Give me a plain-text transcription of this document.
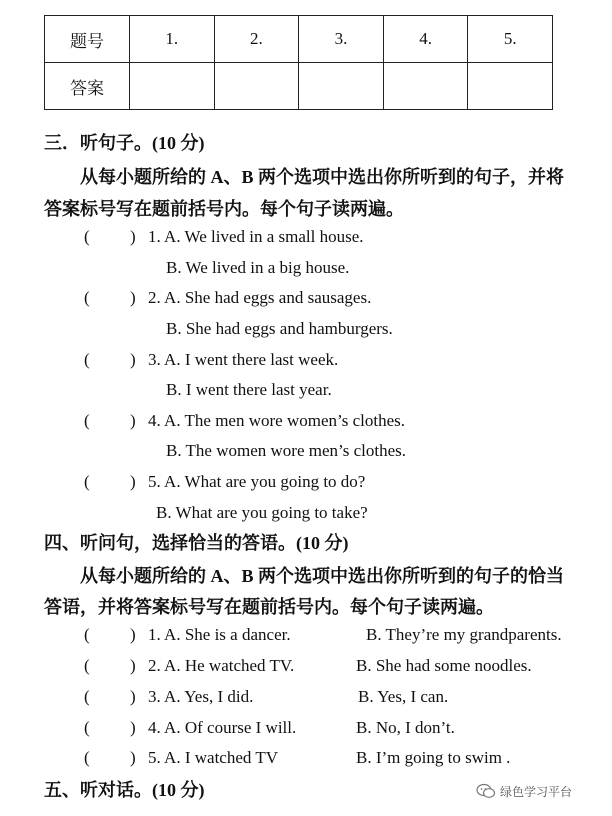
题号	1.	2.	3.	4.	5.
答案					
三．听句子。(10 分)
从每小题所给的 A、B 两个选项中选出你所听到的句子，并将
答案标号写在题前括号内。每个句子读两遍。
( ) 1. A. We lived in a small house.
B. We lived in a big house.
( ) 2. A. She had eggs and sausages.
B. She had eggs and hamburgers.
( ) 3. A. I went there last week.
B. I went there last year.
( ) 4. A. The men wore women’s clothes.
B. The women wore men’s clothes.
( ) 5. A. What are you going to do?
B. What are you going to take?
四、听问句，选择恰当的答语。(10 分)
从每小题所给的 A、B 两个选项中选出你所听到的句子的恰当
答语，并将答案标号写在题前括号内。每个句子读两遍。
( ) 1. A. She is a dancer.	B. They’re my grandparents.
( ) 2. A. He watched TV.	B. She had some noodles.
( ) 3. A. Yes, I did.	B. Yes, I can.
( ) 4. A. Of course I will.	B. No, I don’t.
( ) 5. A. I watched TV	B. I’m going to swim .
五、听对话。(10 分)	绿色学习平台
